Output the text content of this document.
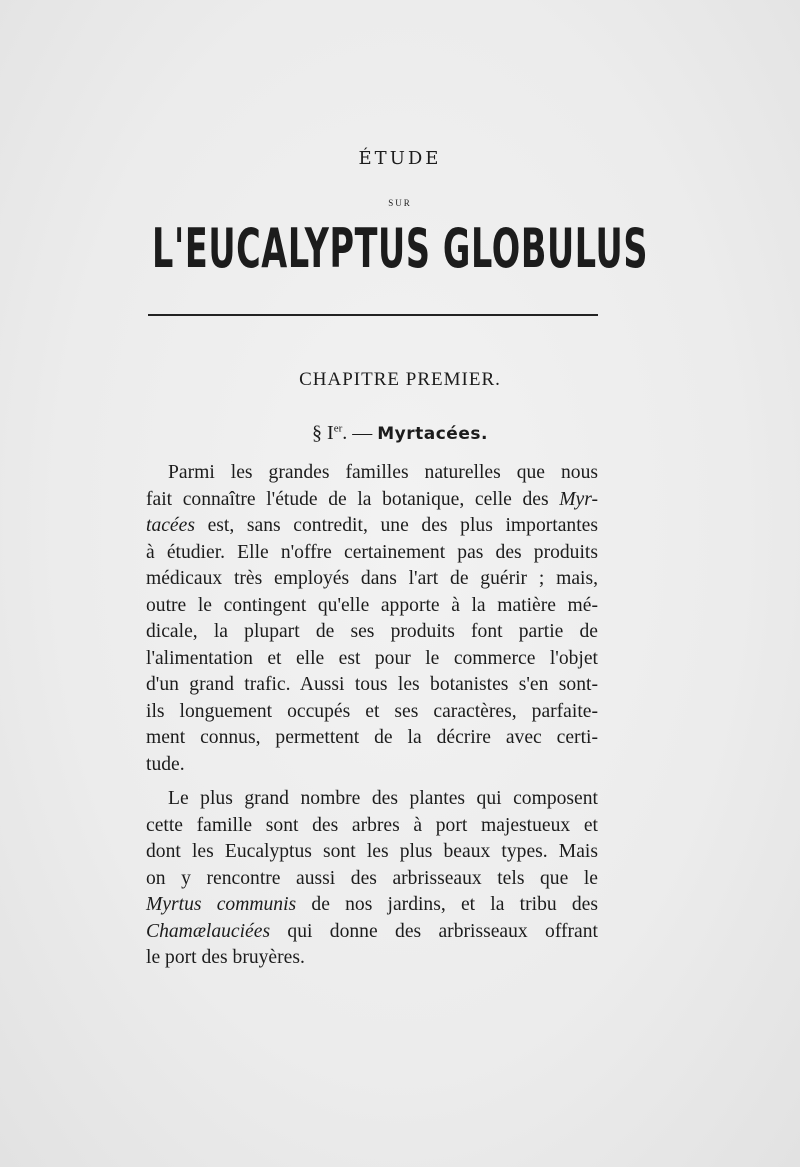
ÉTUDE
SUR
L'EUCALYPTUS GLOBULUS
CHAPITRE PREMIER.
§ Ier. — Myrtacées.

Parmi les grandes familles naturelles que nous
fait connaître l'étude de la botanique, celle des Myr-
tacées est, sans contredit, une des plus importantes
à étudier. Elle n'offre certainement pas des produits
médicaux très employés dans l'art de guérir ; mais,
outre le contingent qu'elle apporte à la matière mé-
dicale, la plupart de ses produits font partie de
l'alimentation et elle est pour le commerce l'objet
d'un grand trafic. Aussi tous les botanistes s'en sont-
ils longuement occupés et ses caractères, parfaite-
ment connus, permettent de la décrire avec certi-
tude.

Le plus grand nombre des plantes qui composent
cette famille sont des arbres à port majestueux et
dont les Eucalyptus sont les plus beaux types. Mais
on y rencontre aussi des arbrisseaux tels que le
Myrtus communis de nos jardins, et la tribu des
Chamælauciées qui donne des arbrisseaux offrant
le port des bruyères.
